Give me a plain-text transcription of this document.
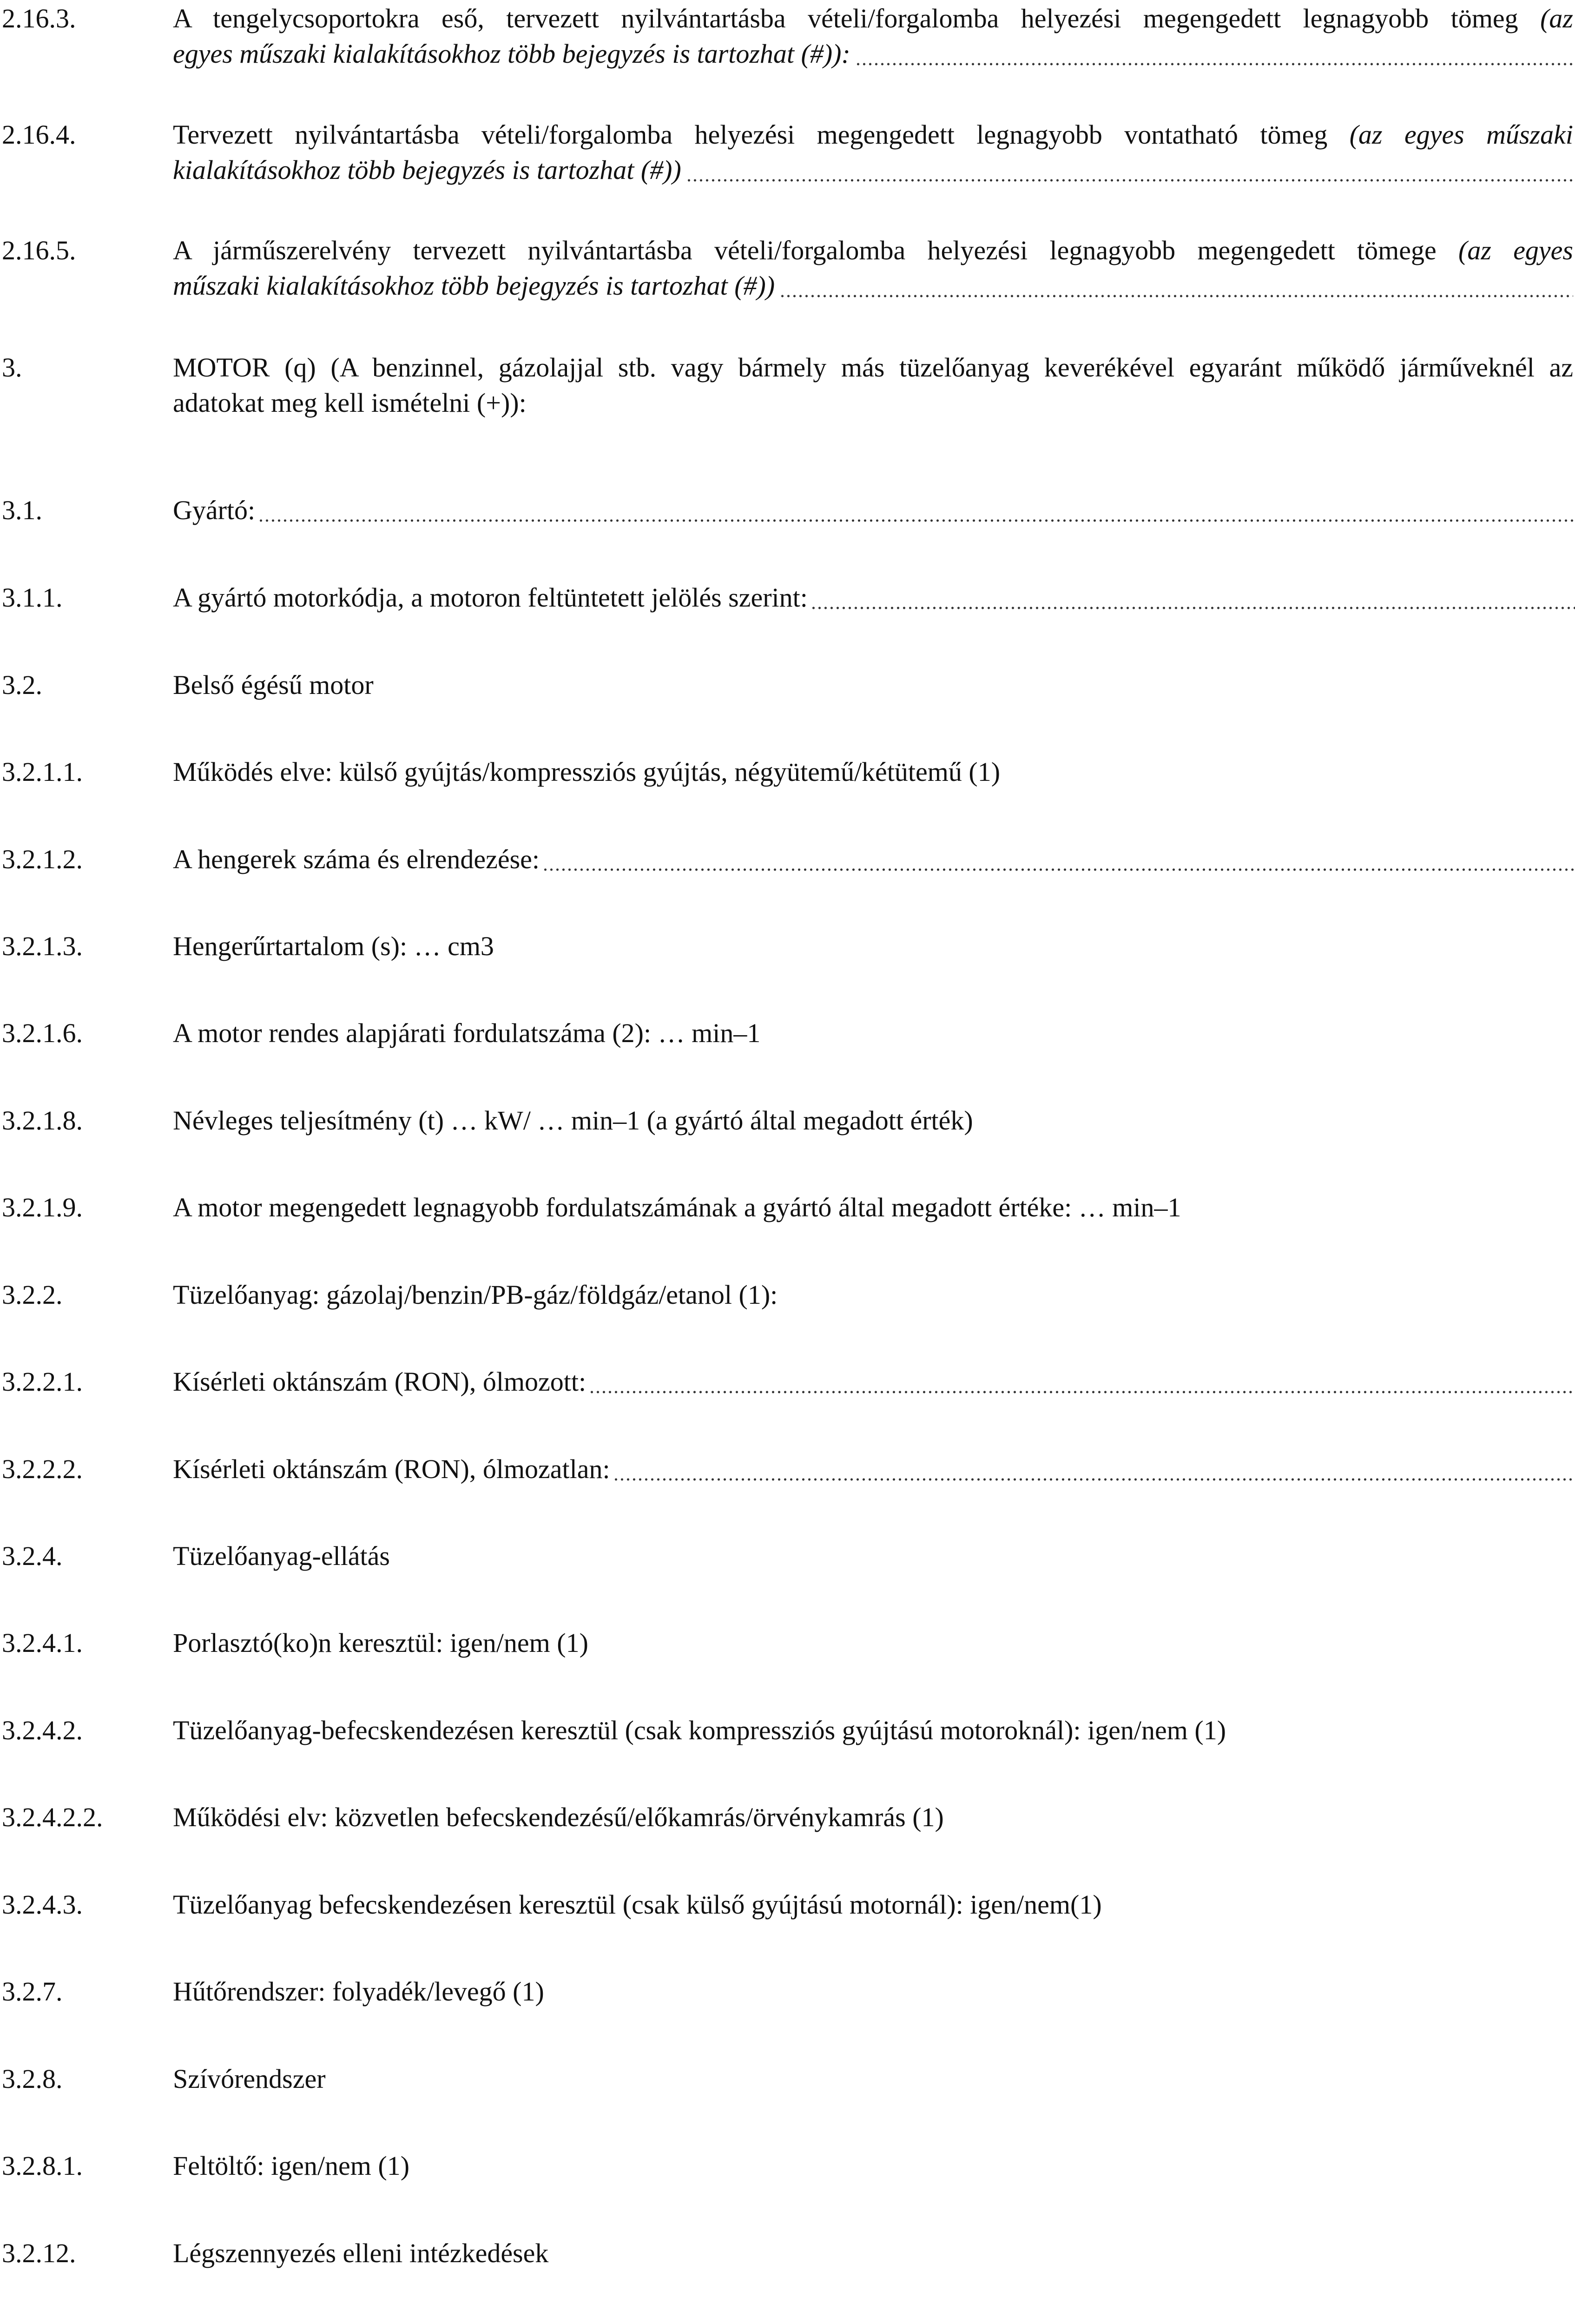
2.16.3.	A tengelycsoportokra eső, tervezett nyilvántartásba vételi/forgalomba helyezési megengedett legnagyobb tömeg (az
egyes műszaki kialakításokhoz több bejegyzés is tartozhat (#)):
2.16.4.	Tervezett nyilvántartásba vételi/forgalomba helyezési megengedett legnagyobb vontatható tömeg (az egyes műszaki
kialakításokhoz több bejegyzés is tartozhat (#))
2.16.5.	A járműszerelvény tervezett nyilvántartásba vételi/forgalomba helyezési legnagyobb megengedett tömege (az egyes
műszaki kialakításokhoz több bejegyzés is tartozhat (#))
3.	MOTOR (q) (A benzinnel, gázolajjal stb. vagy bármely más tüzelőanyag keverékével egyaránt működő járműveknél az
adatokat meg kell ismételni (+)):
3.1.	Gyártó:
3.1.1.	A gyártó motorkódja, a motoron feltüntetett jelölés szerint:
3.2.	Belső égésű motor
3.2.1.1.	Működés elve: külső gyújtás/kompressziós gyújtás, négyütemű/kétütemű (1)
3.2.1.2.	A hengerek száma és elrendezése:
3.2.1.3.	Hengerűrtartalom (s): … cm3
3.2.1.6.	A motor rendes alapjárati fordulatszáma (2): … min–1
3.2.1.8.	Névleges teljesítmény (t) … kW/ … min–1 (a gyártó által megadott érték)
3.2.1.9.	A motor megengedett legnagyobb fordulatszámának a gyártó által megadott értéke: … min–1
3.2.2.	Tüzelőanyag: gázolaj/benzin/PB-gáz/földgáz/etanol (1):
3.2.2.1.	Kísérleti oktánszám (RON), ólmozott:
3.2.2.2.	Kísérleti oktánszám (RON), ólmozatlan:
3.2.4.	Tüzelőanyag-ellátás
3.2.4.1.	Porlasztó(ko)n keresztül: igen/nem (1)
3.2.4.2.	Tüzelőanyag-befecskendezésen keresztül (csak kompressziós gyújtású motoroknál): igen/nem (1)
3.2.4.2.2.	Működési elv: közvetlen befecskendezésű/előkamrás/örvénykamrás (1)
3.2.4.3.	Tüzelőanyag befecskendezésen keresztül (csak külső gyújtású motornál): igen/nem(1)
3.2.7.	Hűtőrendszer: folyadék/levegő (1)
3.2.8.	Szívórendszer
3.2.8.1.	Feltöltő: igen/nem (1)
3.2.12.	Légszennyezés elleni intézkedések
